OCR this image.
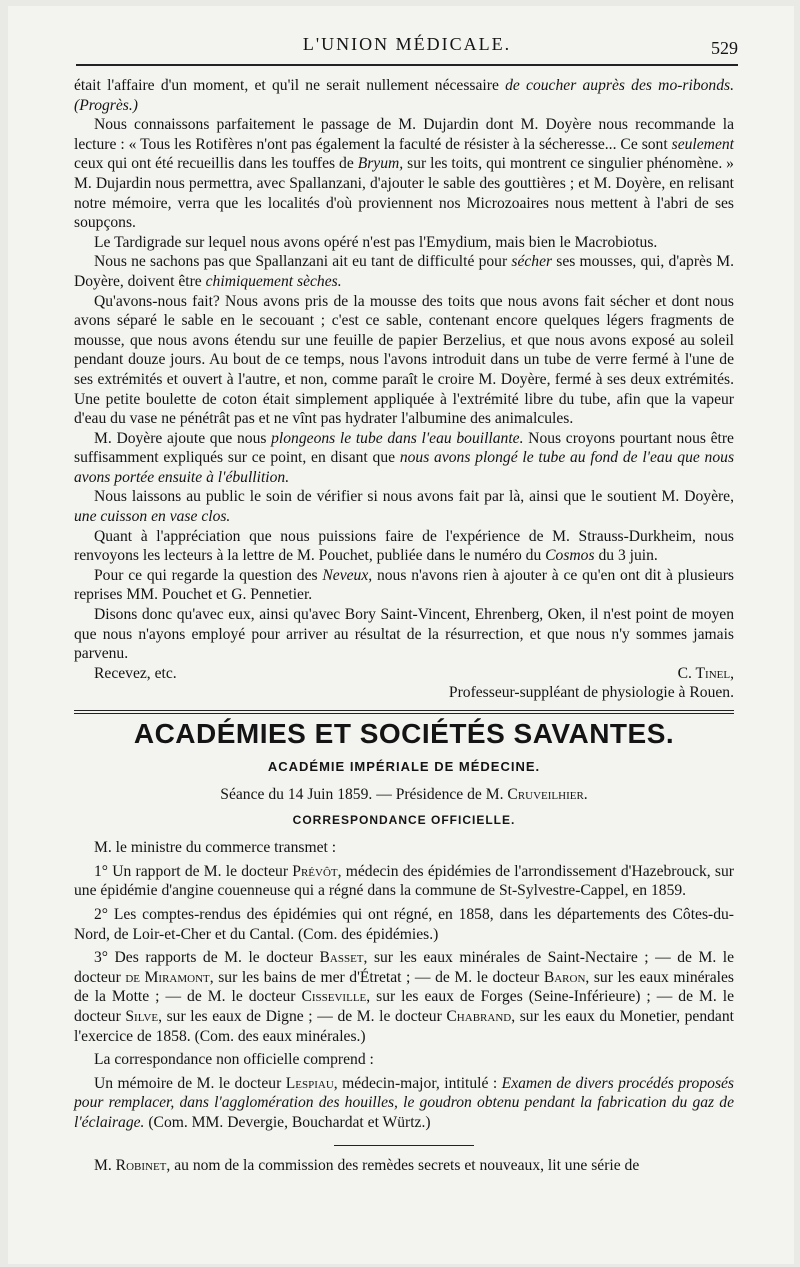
L'UNION MÉDICALE.	529

était l'affaire d'un moment, et qu'il ne serait nullement nécessaire de coucher auprès des mo-ribonds. (Progrès.)

Nous connaissons parfaitement le passage de M. Dujardin dont M. Doyère nous recommande la lecture : « Tous les Rotifères n'ont pas également la faculté de résister à la sécheresse... Ce sont seulement ceux qui ont été recueillis dans les touffes de Bryum, sur les toits, qui montrent ce singulier phénomène. » M. Dujardin nous permettra, avec Spallanzani, d'ajouter le sable des gouttières ; et M. Doyère, en relisant notre mémoire, verra que les localités d'où proviennent nos Microzoaires nous mettent à l'abri de ses soupçons.

Le Tardigrade sur lequel nous avons opéré n'est pas l'Emydium, mais bien le Macrobiotus.

Nous ne sachons pas que Spallanzani ait eu tant de difficulté pour sécher ses mousses, qui, d'après M. Doyère, doivent être chimiquement sèches.

Qu'avons-nous fait? Nous avons pris de la mousse des toits que nous avons fait sécher et dont nous avons séparé le sable en le secouant ; c'est ce sable, contenant encore quelques légers fragments de mousse, que nous avons étendu sur une feuille de papier Berzelius, et que nous avons exposé au soleil pendant douze jours. Au bout de ce temps, nous l'avons introduit dans un tube de verre fermé à l'une de ses extrémités et ouvert à l'autre, et non, comme paraît le croire M. Doyère, fermé à ses deux extrémités. Une petite boulette de coton était simplement appliquée à l'extrémité libre du tube, afin que la vapeur d'eau du vase ne pénétrât pas et ne vînt pas hydrater l'albumine des animalcules.

M. Doyère ajoute que nous plongeons le tube dans l'eau bouillante. Nous croyons pourtant nous être suffisamment expliqués sur ce point, en disant que nous avons plongé le tube au fond de l'eau que nous avons portée ensuite à l'ébullition.

Nous laissons au public le soin de vérifier si nous avons fait par là, ainsi que le soutient M. Doyère, une cuisson en vase clos.

Quant à l'appréciation que nous puissions faire de l'expérience de M. Strauss-Durkheim, nous renvoyons les lecteurs à la lettre de M. Pouchet, publiée dans le numéro du Cosmos du 3 juin.

Pour ce qui regarde la question des Neveux, nous n'avons rien à ajouter à ce qu'en ont dit à plusieurs reprises MM. Pouchet et G. Pennetier.

Disons donc qu'avec eux, ainsi qu'avec Bory Saint-Vincent, Ehrenberg, Oken, il n'est point de moyen que nous n'ayons employé pour arriver au résultat de la résurrection, et que nous n'y sommes jamais parvenu.

Recevez, etc.	C. Tinel,
Professeur-suppléant de physiologie à Rouen.
ACADÉMIES ET SOCIÉTÉS SAVANTES.
ACADÉMIE IMPÉRIALE DE MÉDECINE.
Séance du 14 Juin 1859. — Présidence de M. Cruveilhier.
CORRESPONDANCE OFFICIELLE.

M. le ministre du commerce transmet :

1° Un rapport de M. le docteur Prévôt, médecin des épidémies de l'arrondissement d'Hazebrouck, sur une épidémie d'angine couenneuse qui a régné dans la commune de St-Sylvestre-Cappel, en 1859.

2° Les comptes-rendus des épidémies qui ont régné, en 1858, dans les départements des Côtes-du-Nord, de Loir-et-Cher et du Cantal. (Com. des épidémies.)

3° Des rapports de M. le docteur Basset, sur les eaux minérales de Saint-Nectaire ; — de M. le docteur de Miramont, sur les bains de mer d'Étretat ; — de M. le docteur Baron, sur les eaux minérales de la Motte ; — de M. le docteur Cisseville, sur les eaux de Forges (Seine-Inférieure) ; — de M. le docteur Silve, sur les eaux de Digne ; — de M. le docteur Chabrand, sur les eaux du Monetier, pendant l'exercice de 1858. (Com. des eaux minérales.)

La correspondance non officielle comprend :

Un mémoire de M. le docteur Lespiau, médecin-major, intitulé : Examen de divers procédés proposés pour remplacer, dans l'agglomération des houilles, le goudron obtenu pendant la fabrication du gaz de l'éclairage. (Com. MM. Devergie, Bouchardat et Würtz.)

M. Robinet, au nom de la commission des remèdes secrets et nouveaux, lit une série de
